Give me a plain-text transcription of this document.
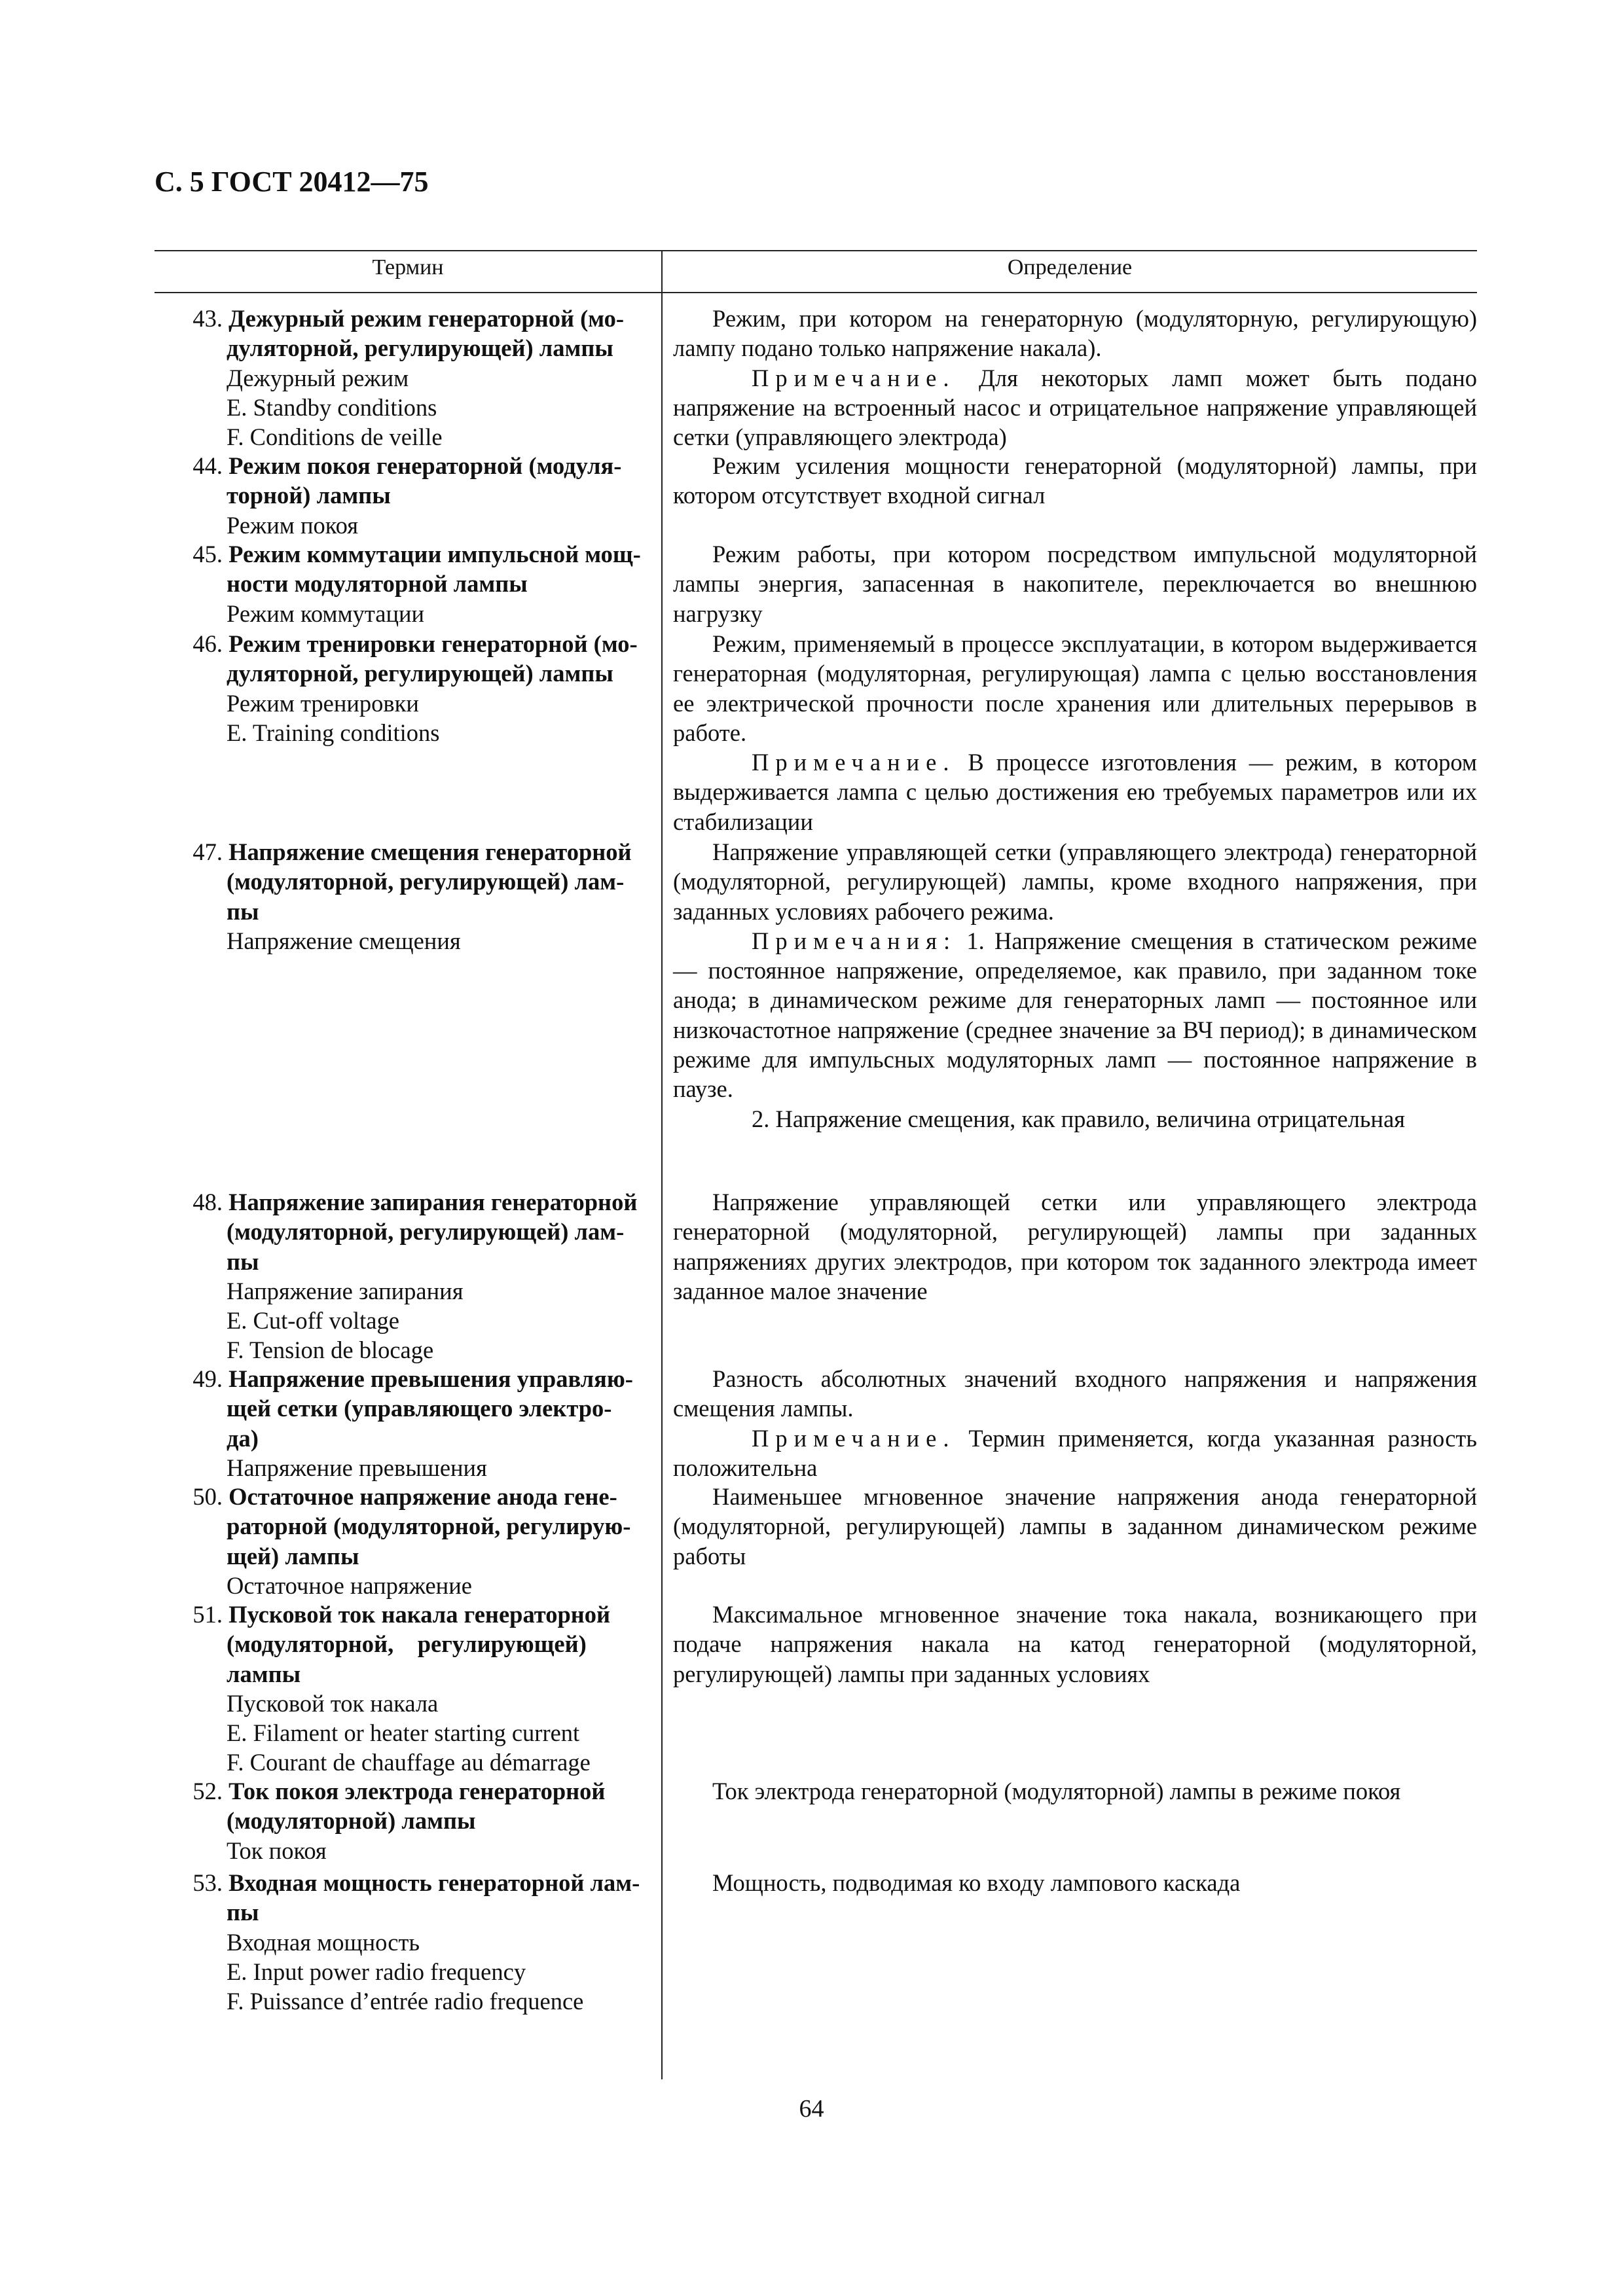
С. 5 ГОСТ 20412—75
Термин	Определение
43. Дежурный режим генераторной (мо-
дуляторной, регулирующей) лампы
Дежурный режим
E. Standby conditions
F. Conditions de veille
44. Режим покоя генераторной (модуля-
торной) лампы
Режим покоя
45. Режим коммутации импульсной мощ-
ности модуляторной лампы
Режим коммутации
46. Режим тренировки генераторной (мо-
дуляторной, регулирующей) лампы
Режим тренировки
E. Training conditions
47. Напряжение смещения генераторной
(модуляторной, регулирующей) лам-
пы
Напряжение смещения
48. Напряжение запирания генераторной
(модуляторной, регулирующей) лам-
пы
Напряжение запирания
E. Cut-off voltage
F. Tension de blocage
49. Напряжение превышения управляю-
щей сетки (управляющего электро-
да)
Напряжение превышения
50. Остаточное напряжение анода гене-
раторной (модуляторной, регулирую-
щей) лампы
Остаточное напряжение
51. Пусковой ток накала генераторной
(модуляторной,    регулирующей)
лампы
Пусковой ток накала
E. Filament or heater starting current
F. Courant de chauffage au démarrage
52. Ток покоя электрода генераторной
(модуляторной) лампы
Ток покоя
53. Входная мощность генераторной лам-
пы
Входная мощность
E. Input power radio frequency
F. Puissance d’entrée radio frequence

Режим, при котором на генераторную (модуляторную, регулирующую) лампу подано только напряжение накала).

Примечание. Для некоторых ламп может быть подано напряжение на встроенный насос и отрицательное напряжение управляющей сетки (управляющего электрода)

Режим усиления мощности генераторной (модуляторной) лампы, при котором отсутствует входной сигнал

Режим работы, при котором посредством импульсной модуляторной лампы энергия, запасенная в накопителе, переключается во внешнюю нагрузку

Режим, применяемый в процессе эксплуатации, в котором выдерживается генераторная (модуляторная, регулирующая) лампа с целью восстановления ее электрической прочности после хранения или длительных перерывов в работе.

Примечание. В процессе изготовления — режим, в котором выдерживается лампа с целью достижения ею требуемых параметров или их стабилизации

Напряжение управляющей сетки (управляющего электрода) генераторной (модуляторной, регулирующей) лампы, кроме входного напряжения, при заданных условиях рабочего режима.

Примечания: 1. Напряжение смещения в статическом режиме — постоянное напряжение, определяемое, как правило, при заданном токе анода; в динамическом режиме для генераторных ламп — постоянное или низкочастотное напряжение (среднее значение за ВЧ период); в динамическом режиме для импульсных модуляторных ламп — постоянное напряжение в паузе.

2. Напряжение смещения, как правило, величина отрицательная

Напряжение управляющей сетки или управляющего электрода генераторной (модуляторной, регулирующей) лампы при заданных напряжениях других электродов, при котором ток заданного электрода имеет заданное малое значение

Разность абсолютных значений входного напряжения и напряжения смещения лампы.

Примечание. Термин применяется, когда указанная разность положительна

Наименьшее мгновенное значение напряжения анода генераторной (модуляторной, регулирующей) лампы в заданном динамическом режиме работы

Максимальное мгновенное значение тока накала, возникающего при подаче напряжения накала на катод генераторной (модуляторной, регулирующей) лампы при заданных условиях

Ток электрода генераторной (модуляторной) лампы в режиме покоя

Мощность, подводимая ко входу лампового каскада

64
